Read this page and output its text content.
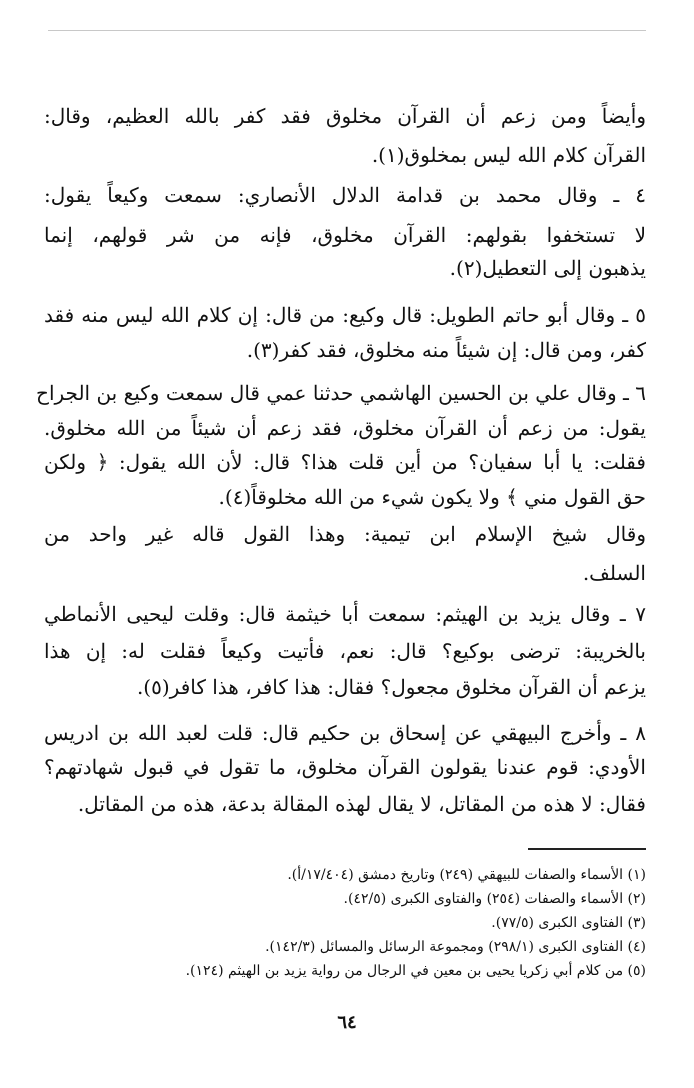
وأيضاً ومن زعم أن القرآن مخلوق فقد كفر بالله العظيم، وقال:
القرآن كلام الله ليس بمخلوق(١).
٤ ـ وقال محمد بن قدامة الدلال الأنصاري: سمعت وكيعاً يقول:
لا تستخفوا بقولهم: القرآن مخلوق، فإنه من شر قولهم، إنما
يذهبون إلى التعطيل(٢).
٥ ـ وقال أبو حاتم الطويل: قال وكيع: من قال: إن كلام الله ليس منه فقد
كفر، ومن قال: إن شيئاً منه مخلوق، فقد كفر(٣).
٦ ـ وقال علي بن الحسين الهاشمي حدثنا عمي قال سمعت وكيع بن الجراح
يقول: من زعم أن القرآن مخلوق، فقد زعم أن شيئاً من الله مخلوق.
فقلت: يا أبا سفيان؟ من أين قلت هذا؟ قال: لأن الله يقول: ﴿ ولكن
حق القول مني ﴾ ولا يكون شيء من الله مخلوقاً(٤).
وقال شيخ الإسلام ابن تيمية: وهذا القول قاله غير واحد من
السلف.
٧ ـ وقال يزيد بن الهيثم: سمعت أبا خيثمة قال: وقلت ليحيى الأنماطي
بالخريبة: ترضى بوكيع؟ قال: نعم، فأتيت وكيعاً فقلت له: إن هذا
يزعم أن القرآن مخلوق مجعول؟ فقال: هذا كافر، هذا كافر(٥).
٨ ـ وأخرج البيهقي عن إسحاق بن حكيم قال: قلت لعبد الله بن ادريس
الأودي: قوم عندنا يقولون القرآن مخلوق، ما تقول في قبول شهادتهم؟
فقال: لا هذه من المقاتل، لا يقال لهذه المقالة بدعة، هذه من المقاتل.
(١) الأسماء والصفات للبيهقي (٢٤٩) وتاريخ دمشق (١٧/٤٠٤/أ).
(٢) الأسماء والصفات (٢٥٤) والفتاوى الكبرى (٤٢/٥).
(٣) الفتاوى الكبرى (٧٧/٥).
(٤) الفتاوى الكبرى (٢٩٨/١) ومجموعة الرسائل والمسائل (١٤٢/٣).
(٥) من كلام أبي زكريا يحيى بن معين في الرجال من رواية يزيد بن الهيثم (١٢٤).
٦٤
